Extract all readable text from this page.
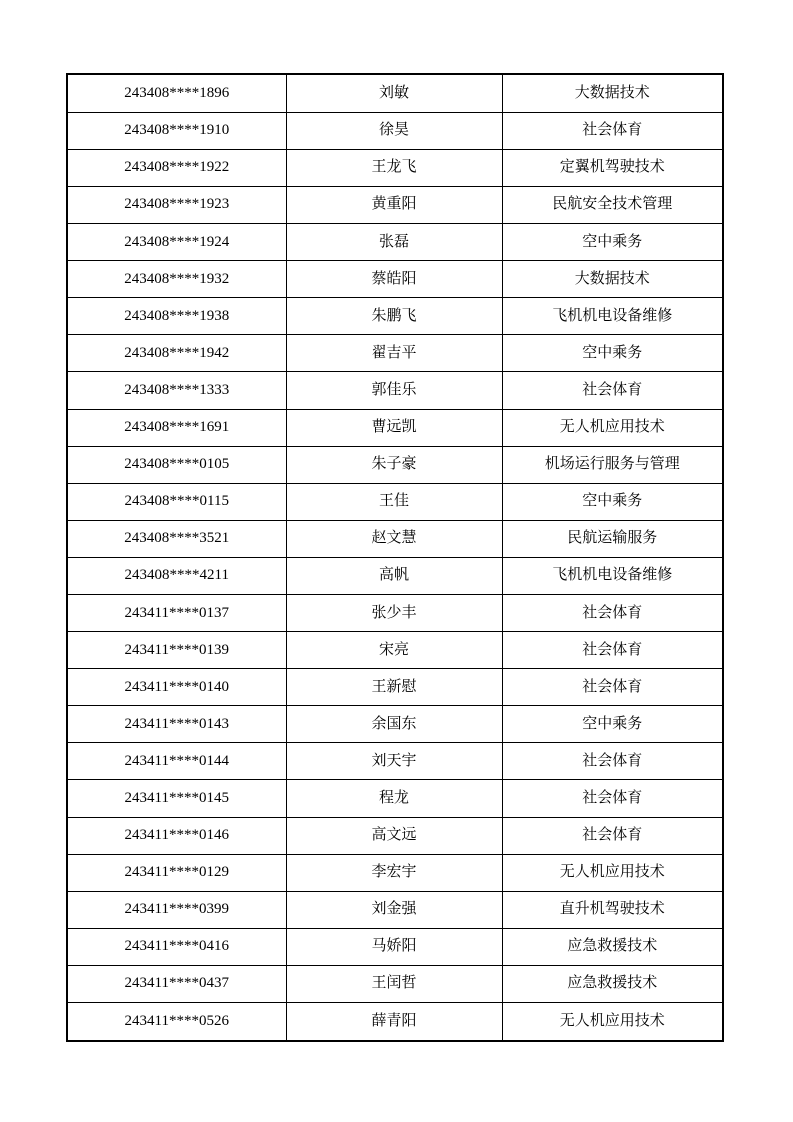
243408****1896	刘敏	大数据技术
243408****1910	徐昊	社会体育
243408****1922	王龙飞	定翼机驾驶技术
243408****1923	黄重阳	民航安全技术管理
243408****1924	张磊	空中乘务
243408****1932	蔡皓阳	大数据技术
243408****1938	朱鹏飞	飞机机电设备维修
243408****1942	翟吉平	空中乘务
243408****1333	郭佳乐	社会体育
243408****1691	曹远凯	无人机应用技术
243408****0105	朱子豪	机场运行服务与管理
243408****0115	王佳	空中乘务
243408****3521	赵文慧	民航运输服务
243408****4211	高帆	飞机机电设备维修
243411****0137	张少丰	社会体育
243411****0139	宋亮	社会体育
243411****0140	王新慰	社会体育
243411****0143	余国东	空中乘务
243411****0144	刘天宇	社会体育
243411****0145	程龙	社会体育
243411****0146	高文远	社会体育
243411****0129	李宏宇	无人机应用技术
243411****0399	刘金强	直升机驾驶技术
243411****0416	马娇阳	应急救援技术
243411****0437	王闰哲	应急救援技术
243411****0526	薛青阳	无人机应用技术
